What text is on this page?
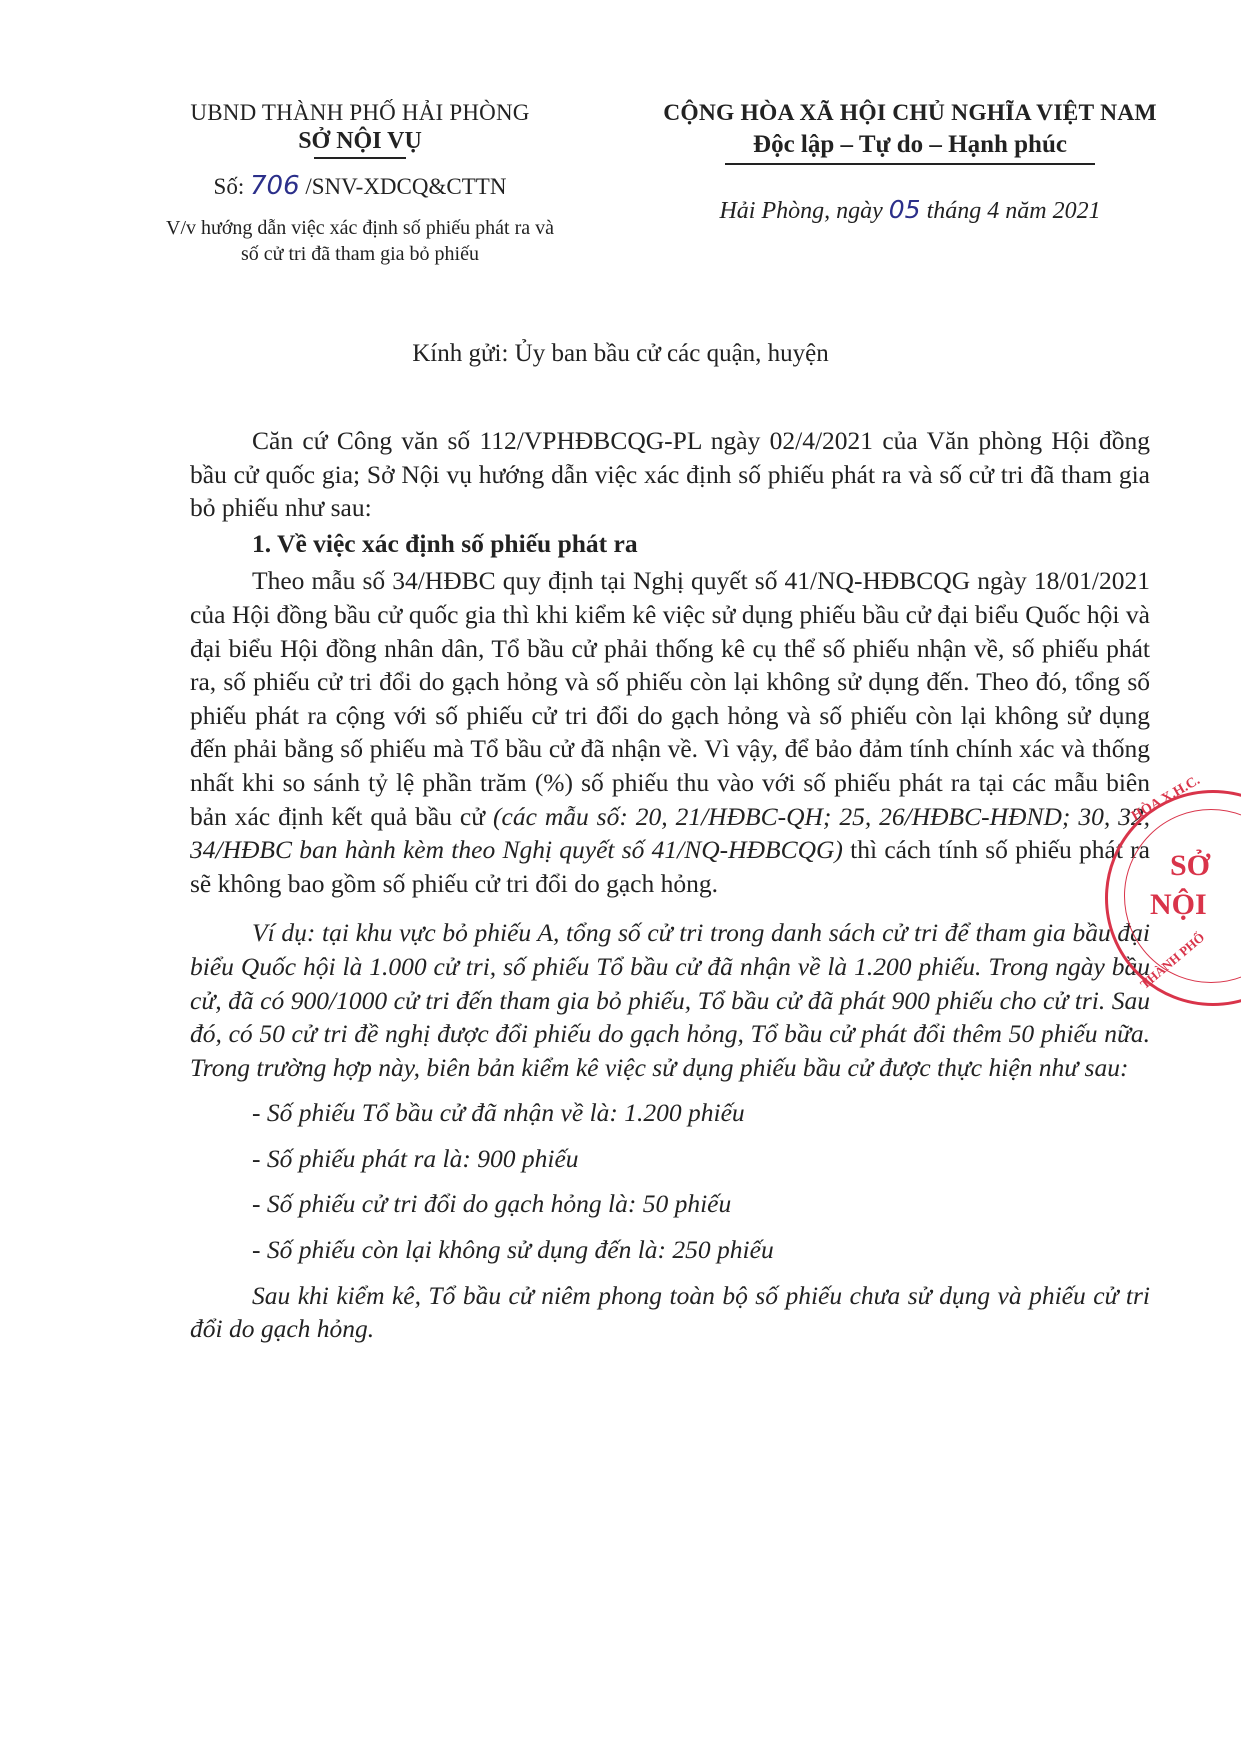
UBND THÀNH PHỐ HẢI PHÒNG
SỞ NỘI VỤ
Số: 706 /SNV-XDCQ&CTTN
V/v hướng dẫn việc xác định số phiếu phát ra và
số cử tri đã tham gia bỏ phiếu
CỘNG HÒA XÃ HỘI CHỦ NGHĨA VIỆT NAM
Độc lập – Tự do – Hạnh phúc
Hải Phòng, ngày 05 tháng 4 năm 2021
Kính gửi: Ủy ban bầu cử các quận, huyện

Căn cứ Công văn số 112/VPHĐBCQG-PL ngày 02/4/2021 của Văn phòng Hội đồng bầu cử quốc gia; Sở Nội vụ hướng dẫn việc xác định số phiếu phát ra và số cử tri đã tham gia bỏ phiếu như sau:

1. Về việc xác định số phiếu phát ra

Theo mẫu số 34/HĐBC quy định tại Nghị quyết số 41/NQ-HĐBCQG ngày 18/01/2021 của Hội đồng bầu cử quốc gia thì khi kiểm kê việc sử dụng phiếu bầu cử đại biểu Quốc hội và đại biểu Hội đồng nhân dân, Tổ bầu cử phải thống kê cụ thể số phiếu nhận về, số phiếu phát ra, số phiếu cử tri đổi do gạch hỏng và số phiếu còn lại không sử dụng đến. Theo đó, tổng số phiếu phát ra cộng với số phiếu cử tri đổi do gạch hỏng và số phiếu còn lại không sử dụng đến phải bằng số phiếu mà Tổ bầu cử đã nhận về. Vì vậy, để bảo đảm tính chính xác và thống nhất khi so sánh tỷ lệ phần trăm (%) số phiếu thu vào với số phiếu phát ra tại các mẫu biên bản xác định kết quả bầu cử (các mẫu số: 20, 21/HĐBC-QH; 25, 26/HĐBC-HĐND; 30, 32, 34/HĐBC ban hành kèm theo Nghị quyết số 41/NQ-HĐBCQG) thì cách tính số phiếu phát ra sẽ không bao gồm số phiếu cử tri đổi do gạch hỏng.

Ví dụ: tại khu vực bỏ phiếu A, tổng số cử tri trong danh sách cử tri để tham gia bầu đại biểu Quốc hội là 1.000 cử tri, số phiếu Tổ bầu cử đã nhận về là 1.200 phiếu. Trong ngày bầu cử, đã có 900/1000 cử tri đến tham gia bỏ phiếu, Tổ bầu cử đã phát 900 phiếu cho cử tri. Sau đó, có 50 cử tri đề nghị được đổi phiếu do gạch hỏng, Tổ bầu cử phát đổi thêm 50 phiếu nữa. Trong trường hợp này, biên bản kiểm kê việc sử dụng phiếu bầu cử được thực hiện như sau:

- Số phiếu Tổ bầu cử đã nhận về là: 1.200 phiếu

- Số phiếu phát ra là: 900 phiếu

- Số phiếu cử tri đổi do gạch hỏng là: 50 phiếu

- Số phiếu còn lại không sử dụng đến là: 250 phiếu

Sau khi kiểm kê, Tổ bầu cử niêm phong toàn bộ số phiếu chưa sử dụng và phiếu cử tri đổi do gạch hỏng.

HÒA X.H.C.
SỞ
NỘI
THÀNH PHỐ
